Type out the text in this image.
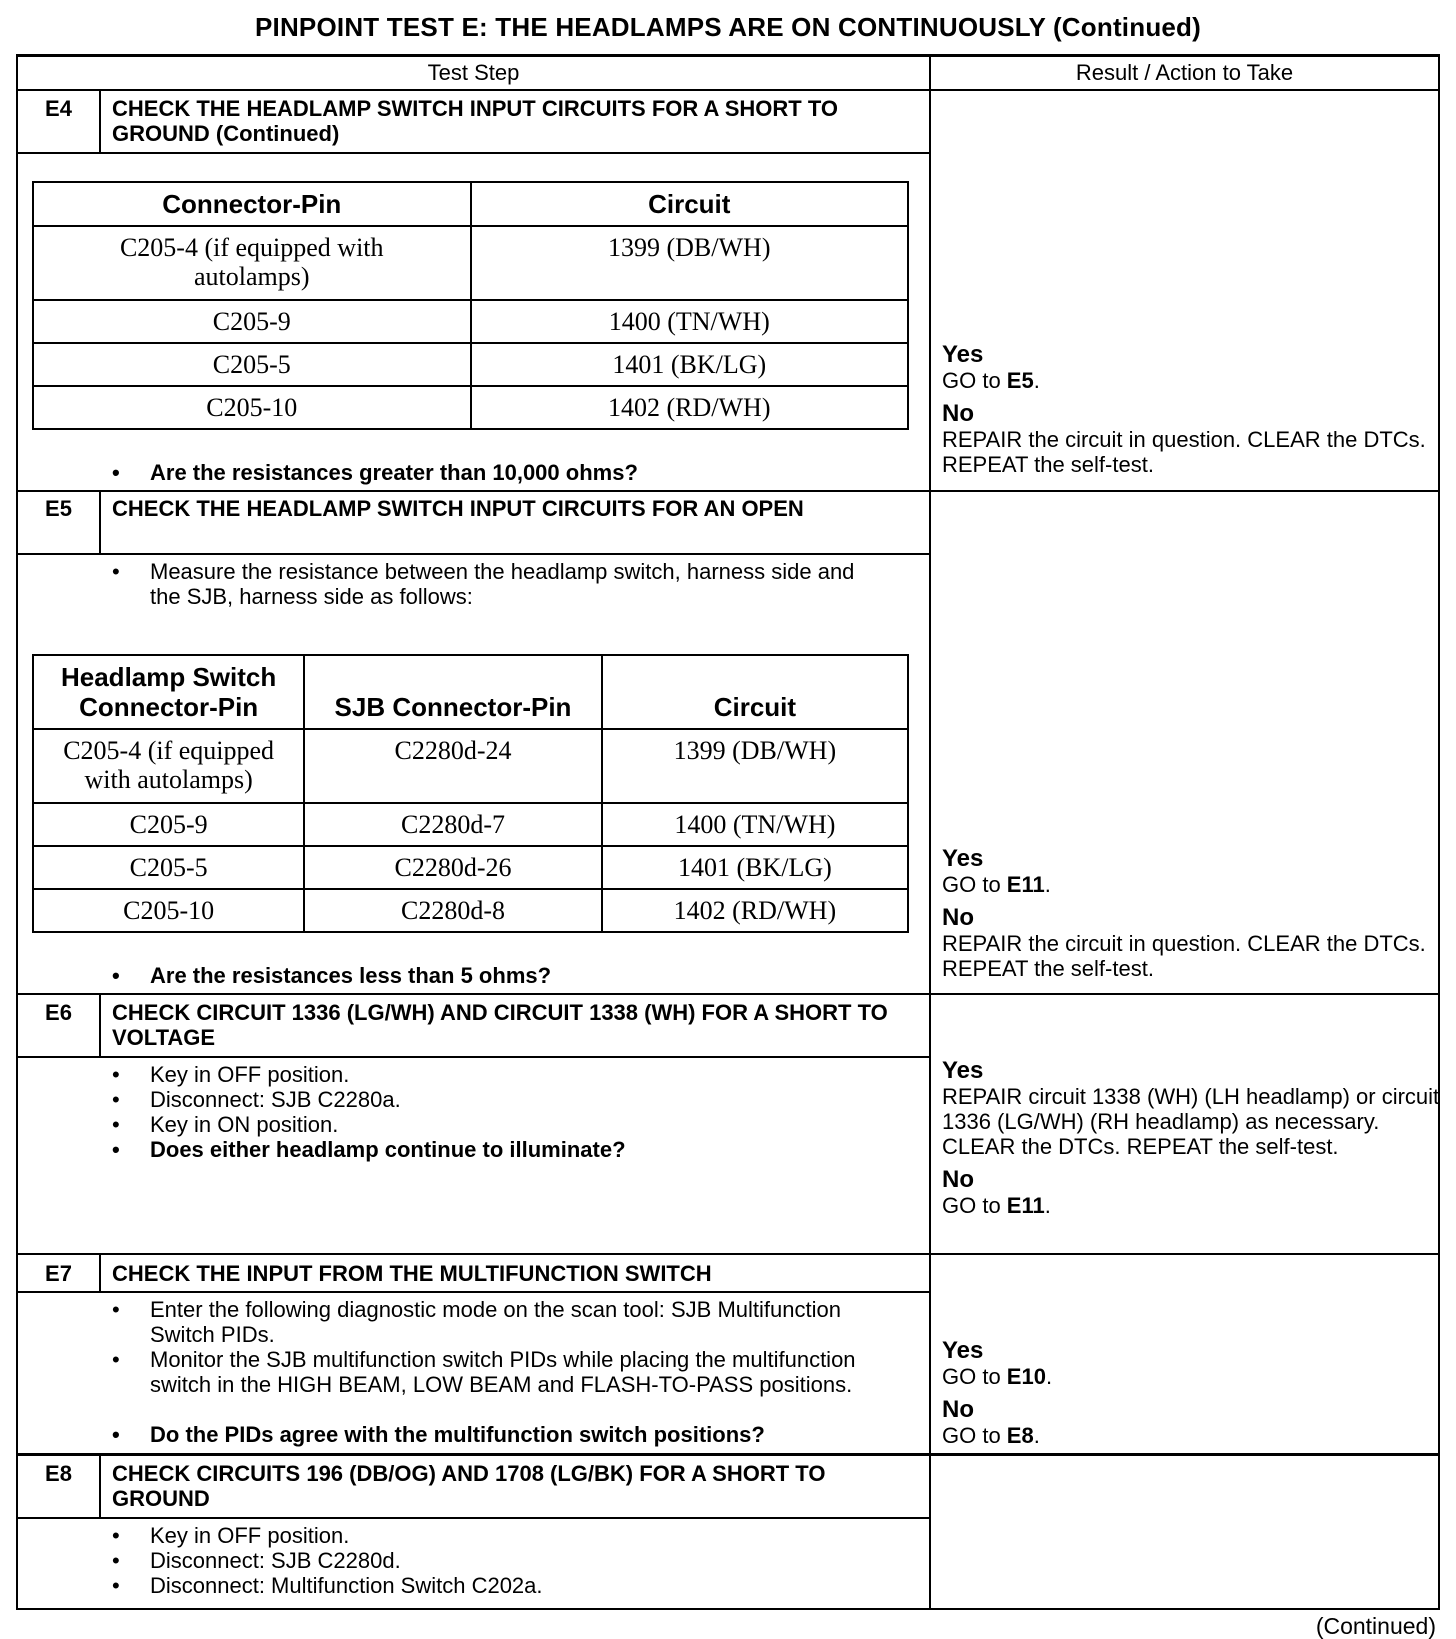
PINPOINT TEST E: THE HEADLAMPS ARE ON CONTINUOUSLY (Continued)
Test Step	Result / Action to Take
E4	CHECK THE HEADLAMP SWITCH INPUT CIRCUITS FOR A SHORT TO GROUND (Continued)
Connector-Pin	Circuit
C205-4 (if equipped with autolamps)	1399 (DB/WH)
C205-9	1400 (TN/WH)
C205-5	1401 (BK/LG)
C205-10	1402 (RD/WH)
• Are the resistances greater than 10,000 ohms?
Yes
GO to E5.
No
REPAIR the circuit in question. CLEAR the DTCs. REPEAT the self-test.
E5	CHECK THE HEADLAMP SWITCH INPUT CIRCUITS FOR AN OPEN
• Measure the resistance between the headlamp switch, harness side and the SJB, harness side as follows:
Headlamp Switch Connector-Pin	SJB Connector-Pin	Circuit
C205-4 (if equipped with autolamps)	C2280d-24	1399 (DB/WH)
C205-9	C2280d-7	1400 (TN/WH)
C205-5	C2280d-26	1401 (BK/LG)
C205-10	C2280d-8	1402 (RD/WH)
• Are the resistances less than 5 ohms?
Yes
GO to E11.
No
REPAIR the circuit in question. CLEAR the DTCs. REPEAT the self-test.
E6	CHECK CIRCUIT 1336 (LG/WH) AND CIRCUIT 1338 (WH) FOR A SHORT TO VOLTAGE
• Key in OFF position.
• Disconnect: SJB C2280a.
• Key in ON position.
• Does either headlamp continue to illuminate?
Yes
REPAIR circuit 1338 (WH) (LH headlamp) or circuit 1336 (LG/WH) (RH headlamp) as necessary. CLEAR the DTCs. REPEAT the self-test.
No
GO to E11.
E7	CHECK THE INPUT FROM THE MULTIFUNCTION SWITCH
• Enter the following diagnostic mode on the scan tool: SJB Multifunction Switch PIDs.
• Monitor the SJB multifunction switch PIDs while placing the multifunction switch in the HIGH BEAM, LOW BEAM and FLASH-TO-PASS positions.
• Do the PIDs agree with the multifunction switch positions?
Yes
GO to E10.
No
GO to E8.
E8	CHECK CIRCUITS 196 (DB/OG) AND 1708 (LG/BK) FOR A SHORT TO GROUND
• Key in OFF position.
• Disconnect: SJB C2280d.
• Disconnect: Multifunction Switch C202a.
(Continued)
